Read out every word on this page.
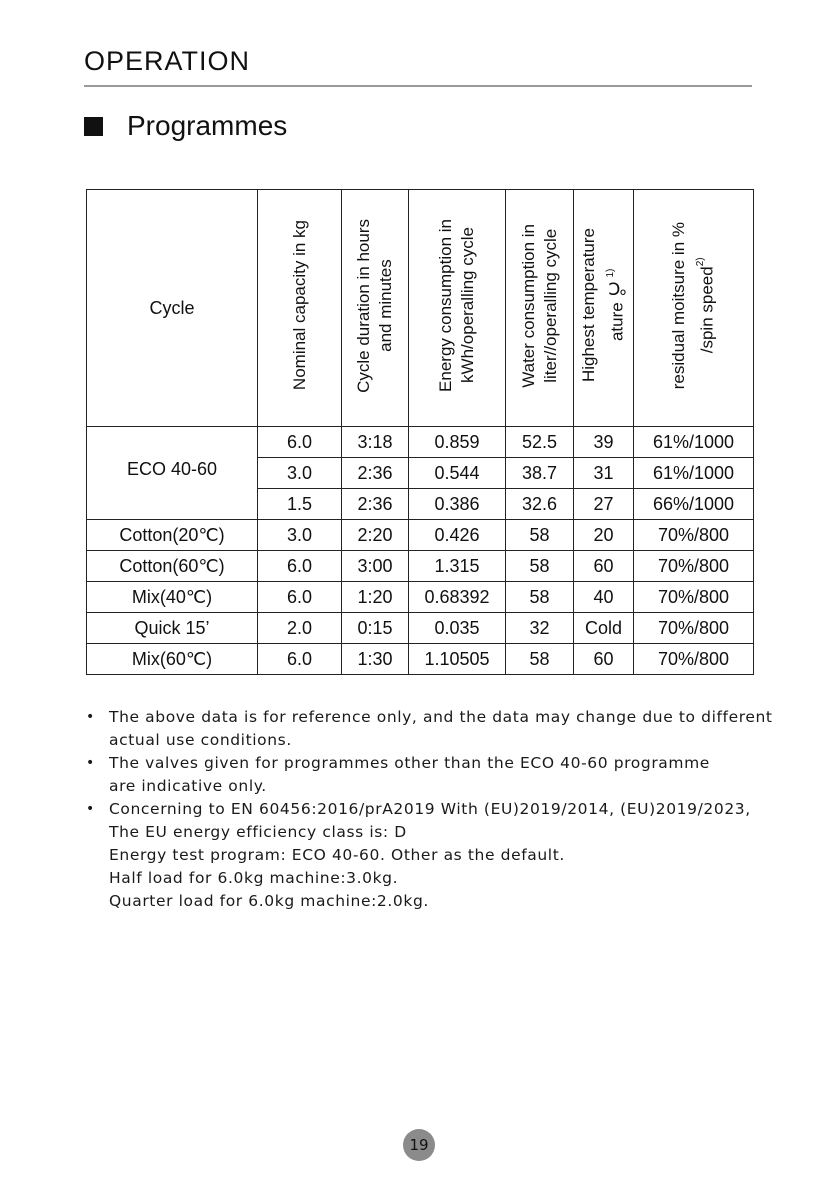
OPERATION
Programmes
Cycle	Nominal capacity in kg	Cycle duration in hours and minutes	Energy consumption in kWh/operalling cycle	Water consumption in liter//operalling cycle	Highest temperature ature ℃$^{1)}$	residual moitsure in % /spin speed$^{2)}$
ECO 40-60	6.0	3:18	0.859	52.5	39	61%/1000
	3.0	2:36	0.544	38.7	31	61%/1000
	1.5	2:36	0.386	32.6	27	66%/1000
Cotton(20℃)	3.0	2:20	0.426	58	20	70%/800
Cotton(60℃)	6.0	3:00	1.315	58	60	70%/800
Mix(40℃)	6.0	1:20	0.68392	58	40	70%/800
Quick 15’	2.0	0:15	0.035	32	Cold	70%/800
Mix(60℃)	6.0	1:30	1.10505	58	60	70%/800
• The above data is for reference only, and the data may change due to different
actual use conditions.
• The valves given for programmes other than the ECO 40-60 programme
are indicative only.
• Concerning to EN 60456:2016/prA2019 With (EU)2019/2014, (EU)2019/2023,
The EU energy efficiency class is: D
Energy test program: ECO 40-60. Other as the default.
Half load for 6.0kg machine:3.0kg.
Quarter load for 6.0kg machine:2.0kg.
19
